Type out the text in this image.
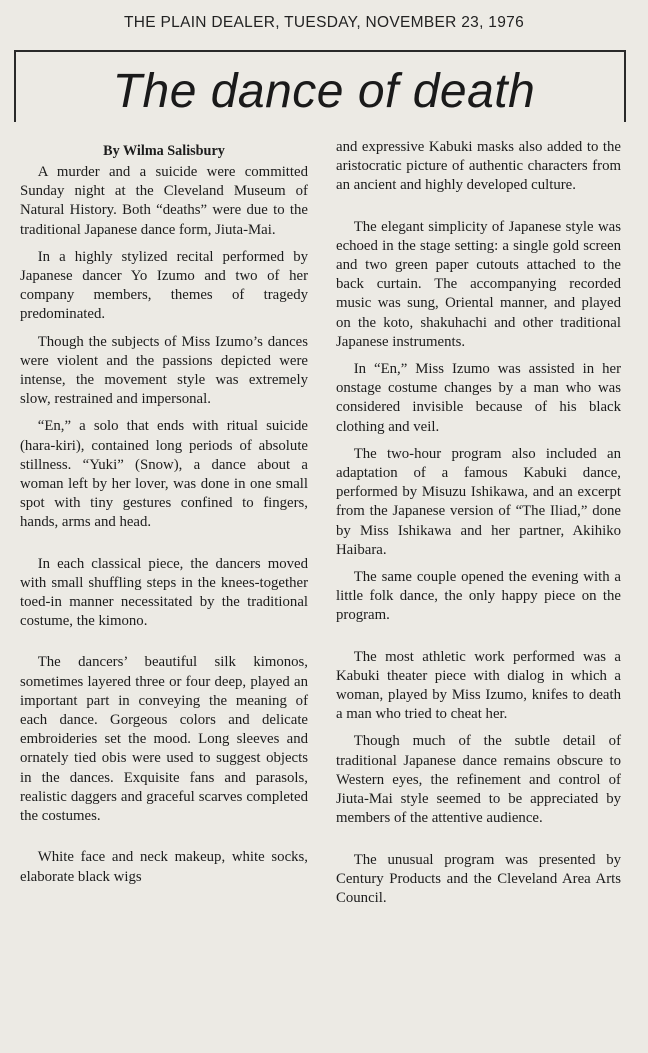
THE PLAIN DEALER, TUESDAY, NOVEMBER 23, 1976
The dance of death
By Wilma Salisbury

A murder and a suicide were committed Sunday night at the Cleveland Museum of Natural History. Both “deaths” were due to the traditional Japanese dance form, Jiuta-Mai.

In a highly stylized recital performed by Japanese dancer Yo Izumo and two of her company members, themes of tragedy predominated.

Though the subjects of Miss Izumo’s dances were violent and the passions depicted were intense, the movement style was extremely slow, restrained and impersonal.

“En,” a solo that ends with ritual suicide (hara-kiri), contained long periods of absolute stillness. “Yuki” (Snow), a dance about a woman left by her lover, was done in one small spot with tiny gestures confined to fingers, hands, arms and head.

In each classical piece, the dancers moved with small shuffling steps in the knees-together toed-in manner necessitated by the traditional costume, the kimono.

The dancers’ beautiful silk kimonos, sometimes layered three or four deep, played an important part in conveying the meaning of each dance. Gorgeous colors and delicate embroideries set the mood. Long sleeves and ornately tied obis were used to suggest objects in the dances. Exquisite fans and parasols, realistic daggers and graceful scarves completed the costumes.

White face and neck makeup, white socks, elaborate black wigs

and expressive Kabuki masks also added to the aristocratic picture of authentic characters from an ancient and highly developed culture.

The elegant simplicity of Japanese style was echoed in the stage setting: a single gold screen and two green paper cutouts attached to the back curtain. The accompanying recorded music was sung, Oriental manner, and played on the koto, shakuhachi and other traditional Japanese instruments.

In “En,” Miss Izumo was assisted in her onstage costume changes by a man who was considered invisible because of his black clothing and veil.

The two-hour program also included an adaptation of a famous Kabuki dance, performed by Misuzu Ishikawa, and an excerpt from the Japanese version of “The Iliad,” done by Miss Ishikawa and her partner, Akihiko Haibara.

The same couple opened the evening with a little folk dance, the only happy piece on the program.

The most athletic work performed was a Kabuki theater piece with dialog in which a woman, played by Miss Izumo, knifes to death a man who tried to cheat her.

Though much of the subtle detail of traditional Japanese dance remains obscure to Western eyes, the refinement and control of Jiuta-Mai style seemed to be appreciated by members of the attentive audience.

The unusual program was presented by Century Products and the Cleveland Area Arts Council.
